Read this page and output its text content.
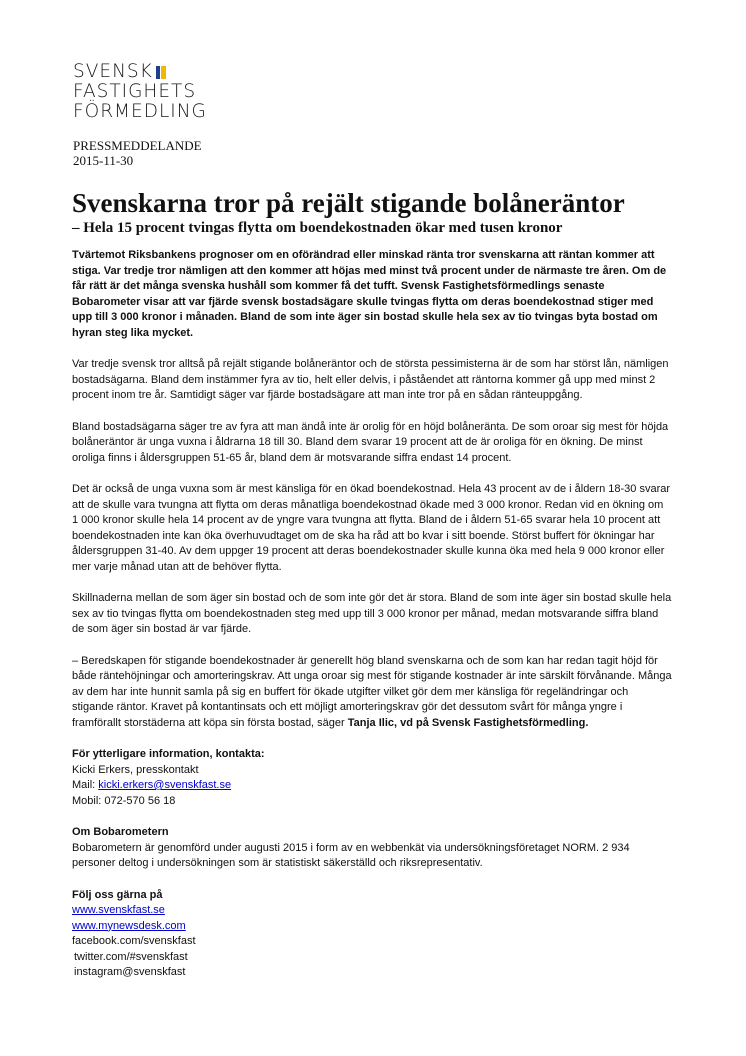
SVENSK
FASTIGHETS
FÖRMEDLING
PRESSMEDDELANDE
2015-11-30
Svenskarna tror på rejält stigande bolåneräntor
– Hela 15 procent tvingas flytta om boendekostnaden ökar med tusen kronor

Tvärtemot Riksbankens prognoser om en oförändrad eller minskad ränta tror svenskarna att räntan kommer att stiga. Var tredje tror nämligen att den kommer att höjas med minst två procent under de närmaste tre åren. Om de får rätt är det många svenska hushåll som kommer få det tufft. Svensk Fastighetsförmedlings senaste Bobarometer visar att var fjärde svensk bostadsägare skulle tvingas flytta om deras boendekostnad stiger med upp till 3 000 kronor i månaden. Bland de som inte äger sin bostad skulle hela sex av tio tvingas byta bostad om hyran steg lika mycket.

Var tredje svensk tror alltså på rejält stigande bolåneräntor och de största pessimisterna är de som har störst lån, nämligen bostadsägarna. Bland dem instämmer fyra av tio, helt eller delvis, i påståendet att räntorna kommer gå upp med minst 2 procent inom tre år. Samtidigt säger var fjärde bostadsägare att man inte tror på en sådan ränteuppgång.

Bland bostadsägarna säger tre av fyra att man ändå inte är orolig för en höjd bolåneränta. De som oroar sig mest för höjda bolåneräntor är unga vuxna i åldrarna 18 till 30. Bland dem svarar 19 procent att de är oroliga för en ökning. De minst oroliga finns i åldersgruppen 51-65 år, bland dem är motsvarande siffra endast 14 procent.

Det är också de unga vuxna som är mest känsliga för en ökad boendekostnad. Hela 43 procent av de i åldern 18-30 svarar att de skulle vara tvungna att flytta om deras månatliga boendekostnad ökade med 3 000 kronor. Redan vid en ökning om 1 000 kronor skulle hela 14 procent av de yngre vara tvungna att flytta. Bland de i åldern 51-65 svarar hela 10 procent att boendekostnaden inte kan öka överhuvudtaget om de ska ha råd att bo kvar i sitt boende. Störst buffert för ökningar har åldersgruppen 31-40. Av dem uppger 19 procent att deras boendekostnader skulle kunna öka med hela 9 000 kronor eller mer varje månad utan att de behöver flytta.

Skillnaderna mellan de som äger sin bostad och de som inte gör det är stora. Bland de som inte äger sin bostad skulle hela sex av tio tvingas flytta om boendekostnaden steg med upp till 3 000 kronor per månad, medan motsvarande siffra bland de som äger sin bostad är var fjärde.

– Beredskapen för stigande boendekostnader är generellt hög bland svenskarna och de som kan har redan tagit höjd för både räntehöjningar och amorteringskrav. Att unga oroar sig mest för stigande kostnader är inte särskilt förvånande. Många av dem har inte hunnit samla på sig en buffert för ökade utgifter vilket gör dem mer känsliga för regeländringar och stigande räntor. Kravet på kontantinsats och ett möjligt amorteringskrav gör det dessutom svårt för många yngre i framförallt storstäderna att köpa sin första bostad, säger Tanja Ilic, vd på Svensk Fastighetsförmedling.

För ytterligare information, kontakta:
Kicki Erkers, presskontakt
Mail: kicki.erkers@svenskfast.se
Mobil: 072-570 56 18
Om Bobarometern
Bobarometern är genomförd under augusti 2015 i form av en webbenkät via undersökningsföretaget NORM. 2 934 personer deltog i undersökningen som är statistiskt säkerställd och riksrepresentativ.
Följ oss gärna på
www.svenskfast.se
www.mynewsdesk.com
facebook.com/svenskfast
twitter.com/#svenskfast
instagram@svenskfast
